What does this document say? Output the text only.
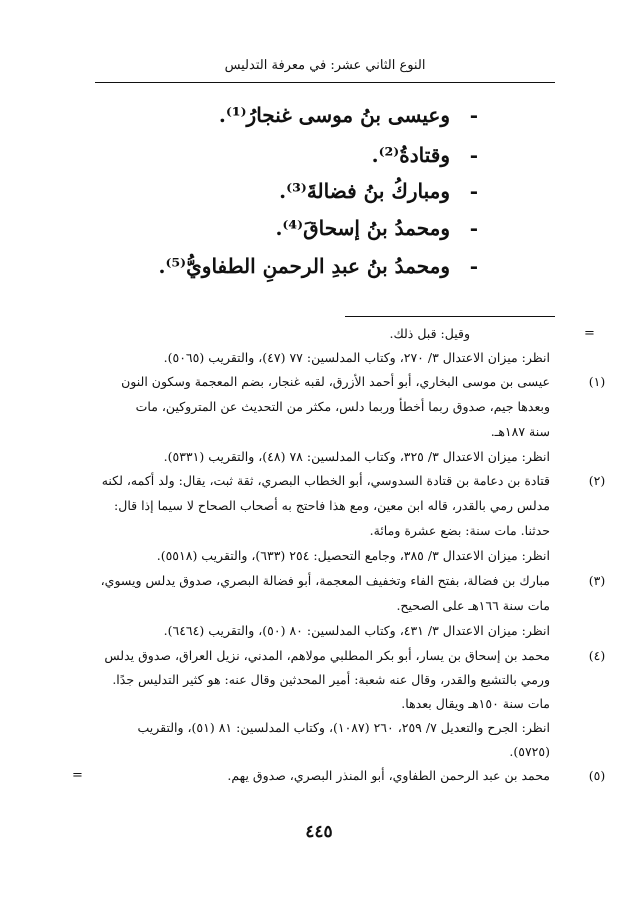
النوع الثاني عشر: في معرفة التدليس
-وعيسى بنُ موسى غنجارُ⁽¹⁾.
-وقتادةُ⁽²⁾.
-ومباركُ بنُ فضالةَ⁽³⁾.
-ومحمدُ بنُ إسحاقَ⁽⁴⁾.
-ومحمدُ بنُ عبدِ الرحمنِ الطفاويُّ⁽⁵⁾.
=
وقيل: قبل ذلك.
انظر: ميزان الاعتدال ٣/ ٢٧٠، وكتاب المدلسين: ٧٧ (٤٧)، والتقريب (٥٠٦٥).
(١)
عيسى بن موسى البخاري، أبو أحمد الأزرق، لقبه غنجار، بضم المعجمة وسكون النون
وبعدها جيم، صدوق ربما أخطأ وربما دلس، مكثر من التحديث عن المتروكين، مات
سنة ١٨٧هـ.
انظر: ميزان الاعتدال ٣/ ٣٢٥، وكتاب المدلسين: ٧٨ (٤٨)، والتقريب (٥٣٣١).
(٢)
قتادة بن دعامة بن قتادة السدوسي، أبو الخطاب البصري، ثقة ثبت، يقال: ولد أكمه، لكنه
مدلس رمي بالقدر، قاله ابن معين، ومع هذا فاحتج به أصحاب الصحاح لا سيما إذا قال:
حدثنا. مات سنة: بضع عشرة ومائة.
انظر: ميزان الاعتدال ٣/ ٣٨٥، وجامع التحصيل: ٢٥٤ (٦٣٣)، والتقريب (٥٥١٨).
(٣)
مبارك بن فضالة، بفتح الفاء وتخفيف المعجمة، أبو فضالة البصري، صدوق يدلس ويسوي،
مات سنة ١٦٦هـ على الصحيح.
انظر: ميزان الاعتدال ٣/ ٤٣١، وكتاب المدلسين: ٨٠ (٥٠)، والتقريب (٦٤٦٤).
(٤)
محمد بن إسحاق بن يسار، أبو بكر المطلبي مولاهم، المدني، نزيل العراق، صدوق يدلس
ورمي بالتشيع والقدر، وقال عنه شعبة: أمير المحدثين وقال عنه: هو كثير التدليس جدًا.
مات سنة ١٥٠هـ ويقال بعدها.
انظر: الجرح والتعديل ٧/ ٢٥٩، ٢٦٠ (١٠٨٧)، وكتاب المدلسين: ٨١ (٥١)، والتقريب
(٥٧٢٥).
=	(٥)
محمد بن عبد الرحمن الطفاوي، أبو المنذر البصري، صدوق يهم.
٤٤٥
